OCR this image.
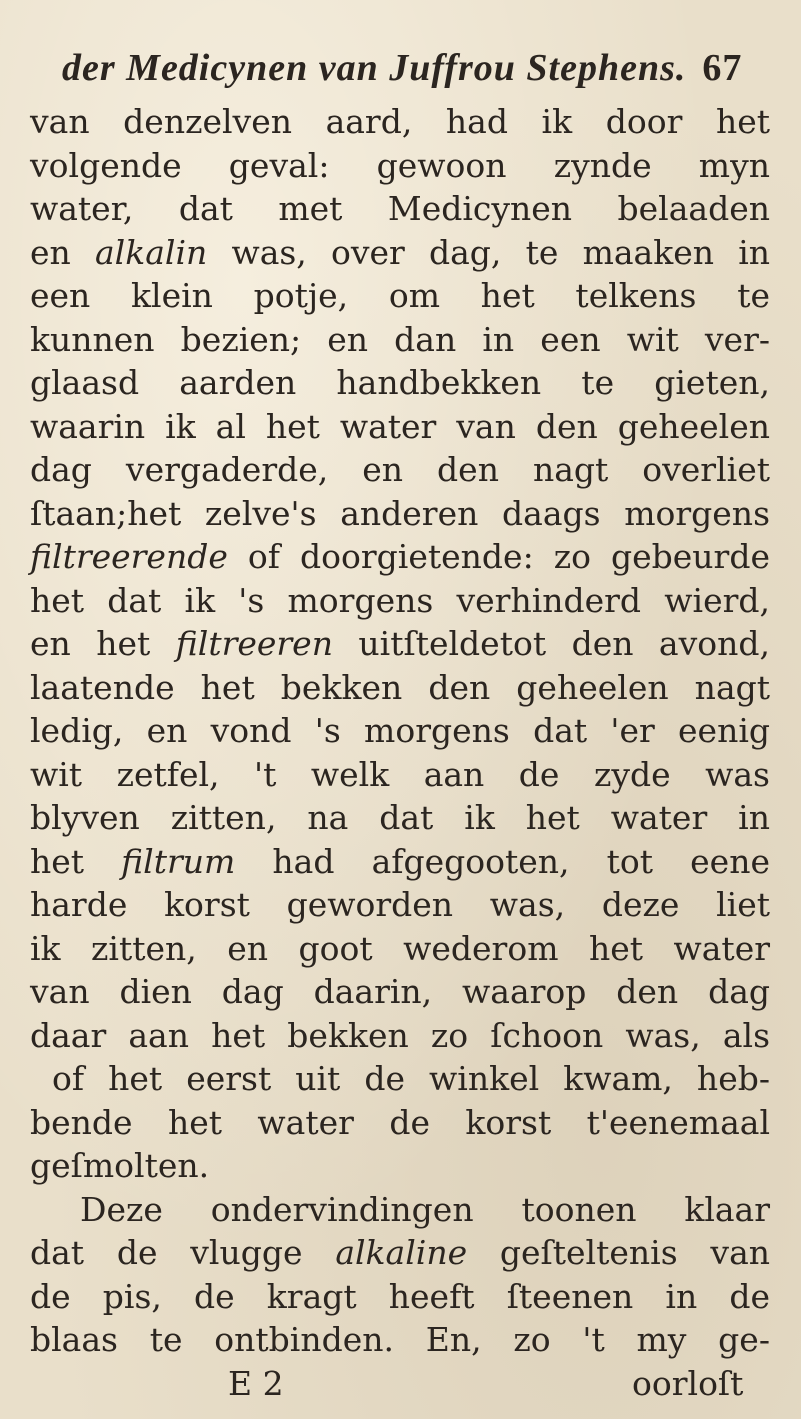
der Medicynen van Juffrou Stephens. 67
van denzelven aard, had ik door het
volgende geval: gewoon zynde myn
water, dat met Medicynen belaaden
en alkalin was, over dag, te maaken in
een klein potje, om het telkens te
kunnen bezien; en dan in een wit ver-
glaasd aarden handbekken te gieten,
waarin ik al het water van den geheelen
dag vergaderde, en den nagt overliet
ſtaan;het zelve's anderen daags morgens
filtreerende of doorgietende: zo gebeurde
het dat ik 's morgens verhinderd wierd,
en het filtreeren uitſteldetot den avond,
laatende het bekken den geheelen nagt
ledig, en vond 's morgens dat 'er eenig
wit zetfel, 't welk aan de zyde was
blyven zitten, na dat ik het water in
het filtrum had afgegooten, tot eene
harde korst geworden was, deze liet
ik zitten, en goot wederom het water
van dien dag daarin, waarop den dag
daar aan het bekken zo ſchoon was, als
of het eerst uit de winkel kwam, heb-
bende het water de korst t'eenemaal
geſmolten.
Deze ondervindingen toonen klaar
dat de vlugge alkaline geſteltenis van
de pis, de kragt heeft ſteenen in de
blaas te ontbinden. En, zo 't my ge-
E 2	oorloſt
